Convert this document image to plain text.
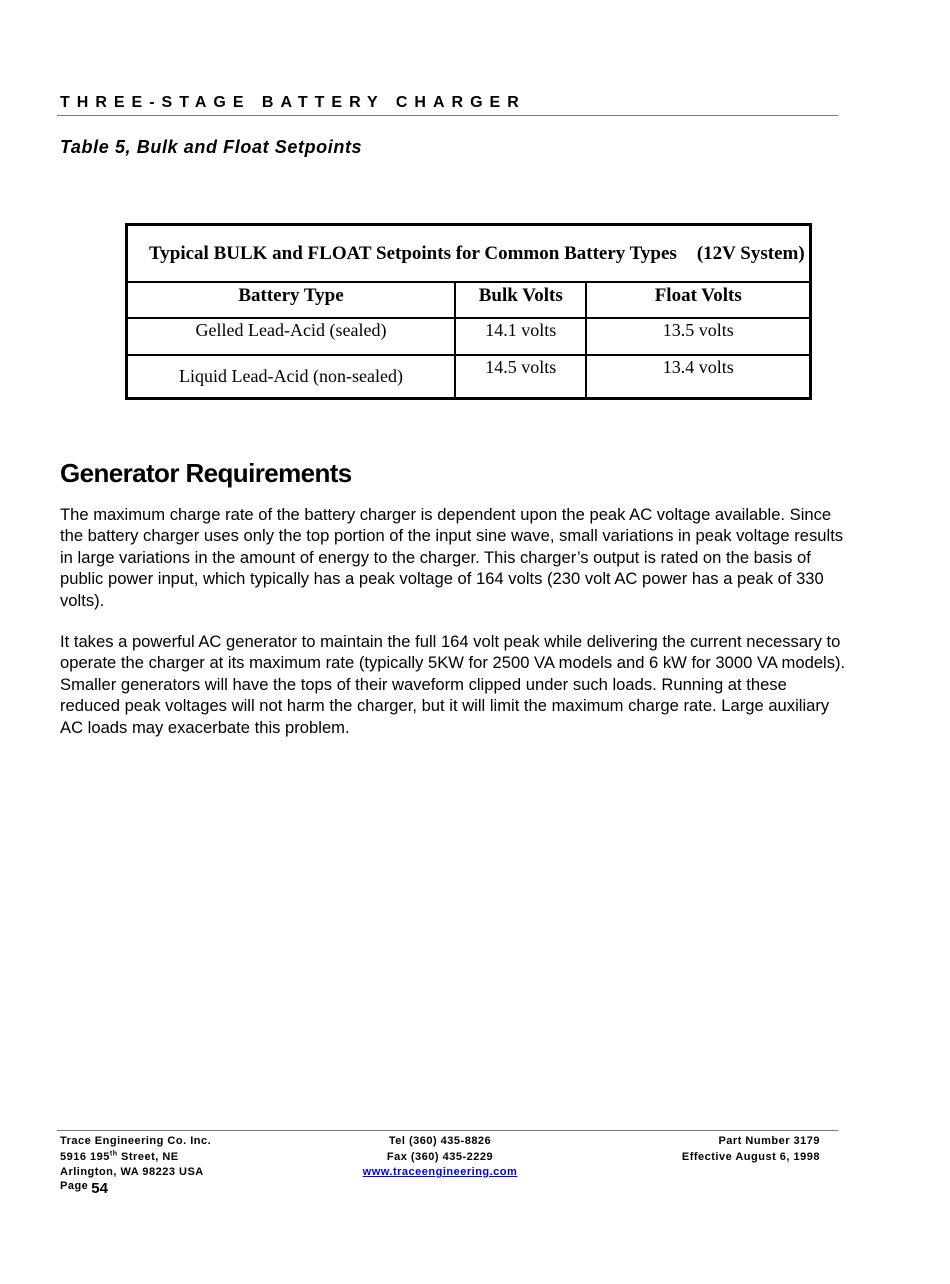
THREE-STAGE BATTERY CHARGER
Table 5, Bulk and Float Setpoints
Typical BULK and FLOAT Setpoints for Common Battery Types (12V System)		
Battery Type	Bulk Volts	Float Volts
Gelled Lead-Acid (sealed)	14.1 volts	13.5 volts
Liquid Lead-Acid (non-sealed)	14.5 volts	13.4 volts
Generator Requirements

The maximum charge rate of the battery charger is dependent upon the peak AC voltage available. Since the battery charger uses only the top portion of the input sine wave, small variations in peak voltage results in large variations in the amount of energy to the charger. This charger’s output is rated on the basis of public power input, which typically has a peak voltage of 164 volts (230 volt AC power has a peak of 330 volts).

It takes a powerful AC generator to maintain the full 164 volt peak while delivering the current necessary to operate the charger at its maximum rate (typically 5KW for 2500 VA models and 6 kW for 3000 VA models). Smaller generators will have the tops of their waveform clipped under such loads. Running at these reduced peak voltages will not harm the charger, but it will limit the maximum charge rate. Large auxiliary AC loads may exacerbate this problem.

Trace Engineering Co. Inc.
5916 195th Street, NE
Arlington, WA 98223 USA
$^{Page}$ 54
Tel (360) 435-8826
Fax (360) 435-2229
www.traceengineering.com
Part Number 3179
Effective August 6, 1998
